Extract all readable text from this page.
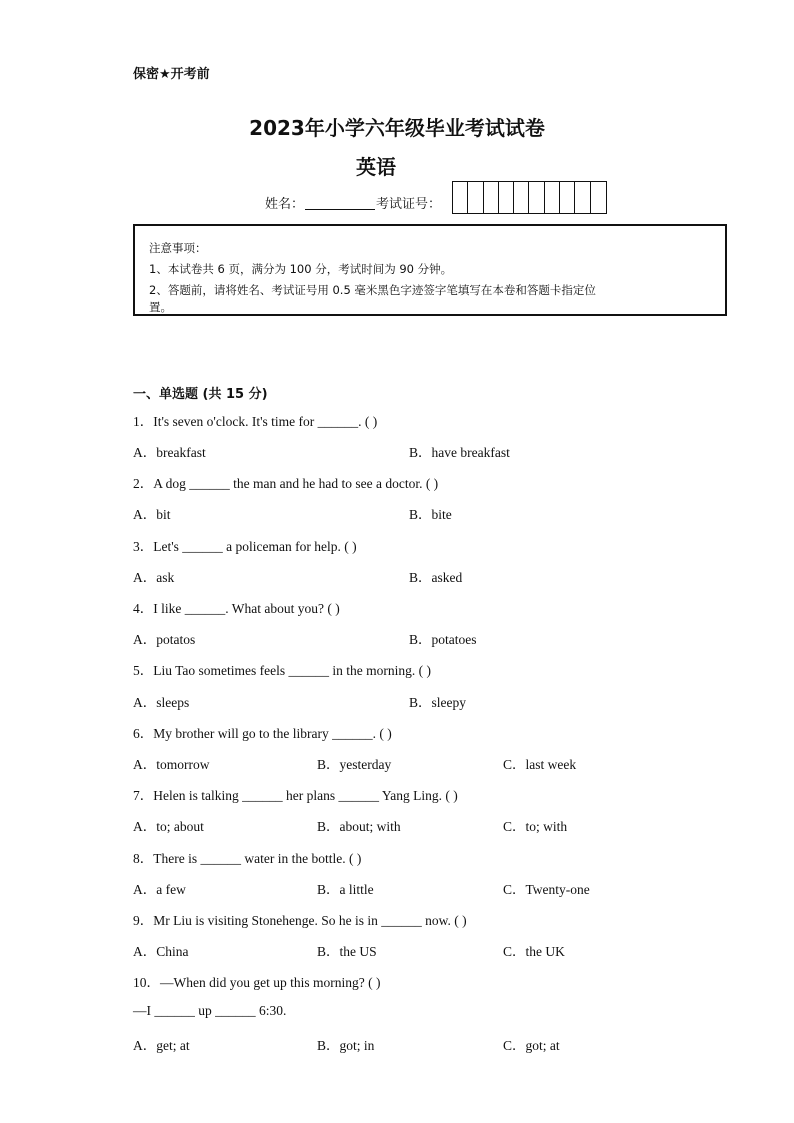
保密★开考前
2023年小学六年级毕业考试试卷
英语
姓名：	考试证号：
注意事项：
1、本试卷共 6 页，满分为 100 分，考试时间为 90 分钟。
2、答题前，请将姓名、考试证号用 0.5 毫米黑色字迹签字笔填写在本卷和答题卡指定位
置。
一、单选题 (共 15 分)
1．It's seven o'clock. It's time for ______. ( )
A．breakfast	B．have breakfast
2．A dog ______ the man and he had to see a doctor. ( )
A．bit	B．bite
3．Let's ______ a policeman for help. ( )
A．ask	B．asked
4．I like ______. What about you? ( )
A．potatos	B．potatoes
5．Liu Tao sometimes feels ______ in the morning. ( )
A．sleeps	B．sleepy
6．My brother will go to the library ______. ( )
A．tomorrow	B．yesterday	C．last week
7．Helen is talking ______ her plans ______ Yang Ling. ( )
A．to; about	B．about; with	C．to; with
8．There is ______ water in the bottle. ( )
A．a few	B．a little	C．Twenty-one
9．Mr Liu is visiting Stonehenge. So he is in ______ now. ( )
A．China	B．the US	C．the UK
10．—When did you get up this morning? ( )
—I ______ up ______ 6:30.
A．get; at	B．got; in	C．got; at
